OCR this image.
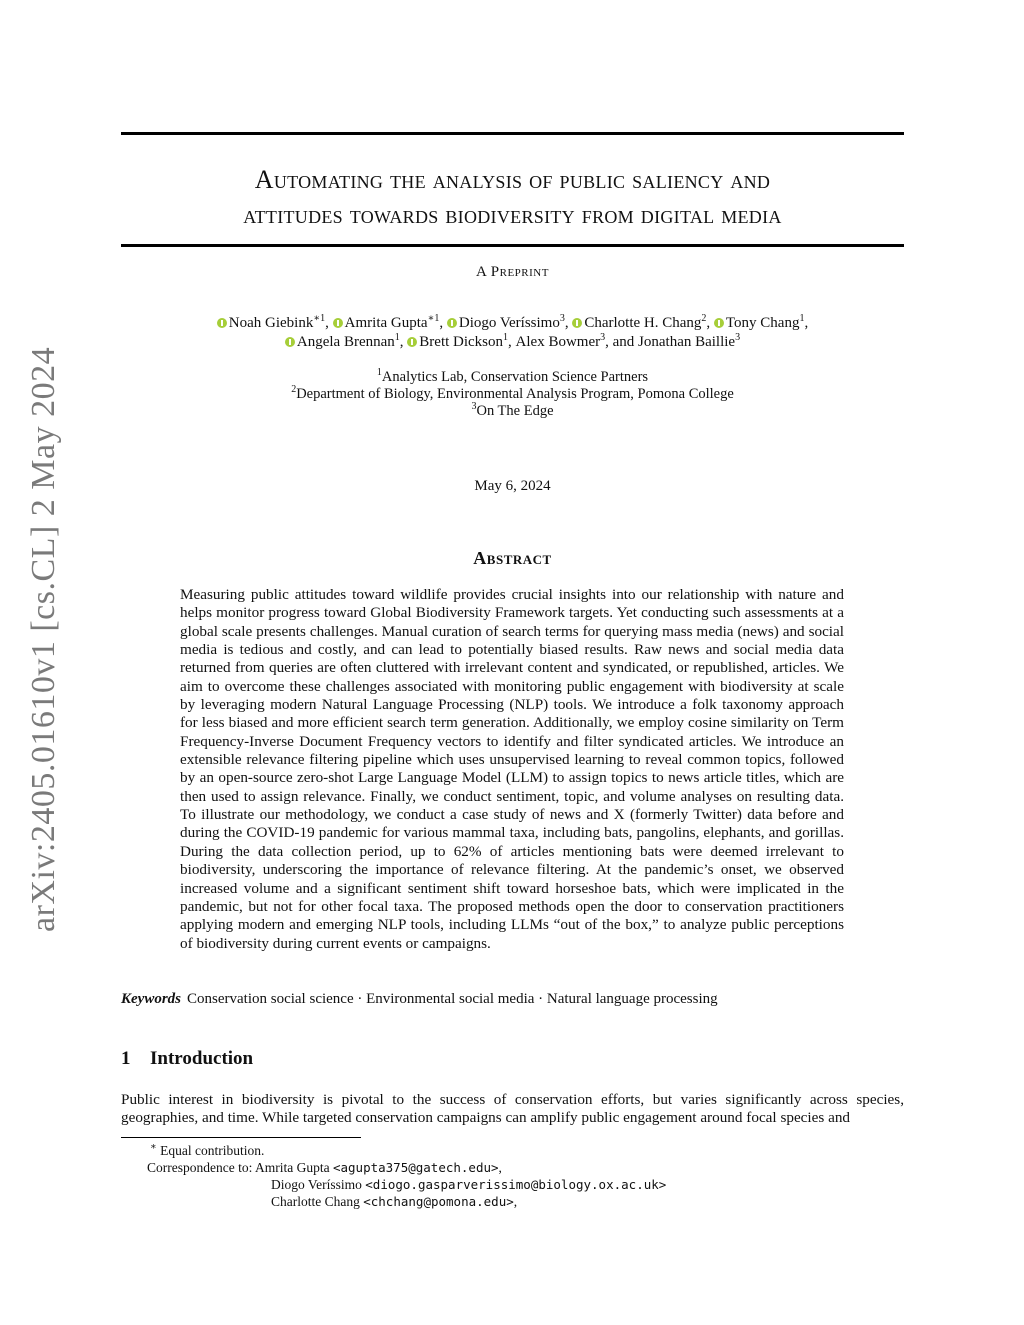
arXiv:2405.01610v1 [cs.CL] 2 May 2024
Automating the analysis of public saliency and
attitudes towards biodiversity from digital media
A Preprint
Noah Giebink$^{∗1}$, Amrita Gupta$^{∗1}$, Diogo Veríssimo$^3$, Charlotte H. Chang$^2$, Tony Chang$^1$,
Angela Brennan$^1$, Brett Dickson$^1$, Alex Bowmer$^3$, and Jonathan Baillie$^3$
$^1$Analytics Lab, Conservation Science Partners
$^2$Department of Biology, Environmental Analysis Program, Pomona College
$^3$On The Edge
May 6, 2024
Abstract
Measuring public attitudes toward wildlife provides crucial insights into our relationship with nature and helps monitor progress toward Global Biodiversity Framework targets. Yet conducting such assessments at a global scale presents challenges. Manual curation of search terms for querying mass media (news) and social media is tedious and costly, and can lead to potentially biased results. Raw news and social media data returned from queries are often cluttered with irrelevant content and syndicated, or republished, articles. We aim to overcome these challenges associated with monitoring public engagement with biodiversity at scale by leveraging modern Natural Language Processing (NLP) tools. We introduce a folk taxonomy approach for less biased and more efficient search term generation. Additionally, we employ cosine similarity on Term Frequency-Inverse Document Frequency vectors to identify and filter syndicated articles. We introduce an extensible relevance filtering pipeline which uses unsupervised learning to reveal common topics, followed by an open-source zero-shot Large Language Model (LLM) to assign topics to news article titles, which are then used to assign relevance. Finally, we conduct sentiment, topic, and volume analyses on resulting data. To illustrate our methodology, we conduct a case study of news and X (formerly Twitter) data before and during the COVID-19 pandemic for various mammal taxa, including bats, pangolins, elephants, and gorillas. During the data collection period, up to 62% of articles mentioning bats were deemed irrelevant to biodiversity, underscoring the importance of relevance filtering. At the pandemic’s onset, we observed increased volume and a significant sentiment shift toward horseshoe bats, which were implicated in the pandemic, but not for other focal taxa. The proposed methods open the door to conservation practitioners applying modern and emerging NLP tools, including LLMs “out of the box,” to analyze public perceptions of biodiversity during current events or campaigns.
Keywords Conservation social science · Environmental social media · Natural language processing
1 Introduction
Public interest in biodiversity is pivotal to the success of conservation efforts, but varies significantly across species, geographies, and time. While targeted conservation campaigns can amplify public engagement around focal species and
∗ Equal contribution.
Correspondence to: Amrita Gupta <agupta375@gatech.edu>,
Diogo Veríssimo <diogo.gasparverissimo@biology.ox.ac.uk>
Charlotte Chang <chchang@pomona.edu>,
